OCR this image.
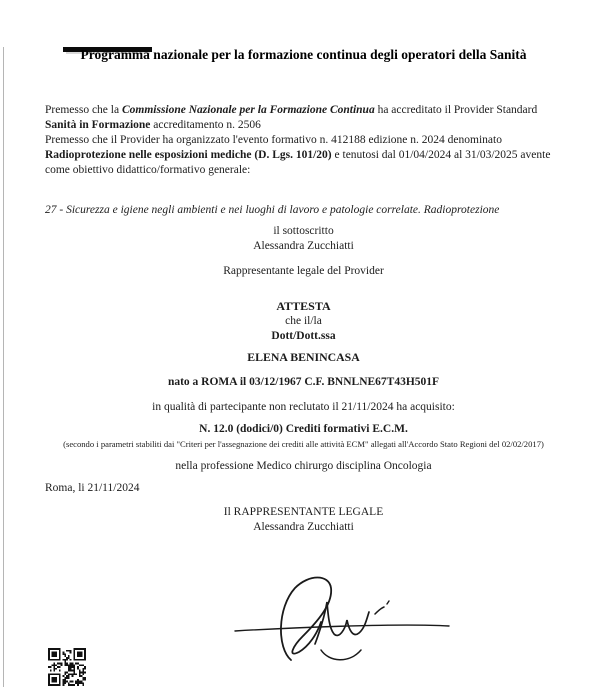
Programma nazionale per la formazione continua degli operatori della Sanità
Premesso che la Commissione Nazionale per la Formazione Continua ha accreditato il Provider Standard Sanità in Formazione accreditamento n. 2506
Premesso che il Provider ha organizzato l'evento formativo n. 412188 edizione n. 2024 denominato Radioprotezione nelle esposizioni mediche (D. Lgs. 101/20) e tenutosi dal 01/04/2024 al 31/03/2025 avente come obiettivo didattico/formativo generale:
27 - Sicurezza e igiene negli ambienti e nei luoghi di lavoro e patologie correlate. Radioprotezione
il sottoscritto
Alessandra Zucchiatti
Rappresentante legale del Provider
ATTESTA
che il/la
Dott/Dott.ssa
ELENA BENINCASA
nato a ROMA il 03/12/1967 C.F. BNNLNE67T43H501F
in qualità di partecipante non reclutato il 21/11/2024 ha acquisito:
N. 12.0 (dodici/0) Crediti formativi E.C.M.
(secondo i parametri stabiliti dai "Criteri per l'assegnazione dei crediti alle attività ECM" allegati all'Accordo Stato Regioni del 02/02/2017)
nella professione Medico chirurgo disciplina Oncologia
Roma, li 21/11/2024
Il RAPPRESENTANTE LEGALE
Alessandra Zucchiatti
